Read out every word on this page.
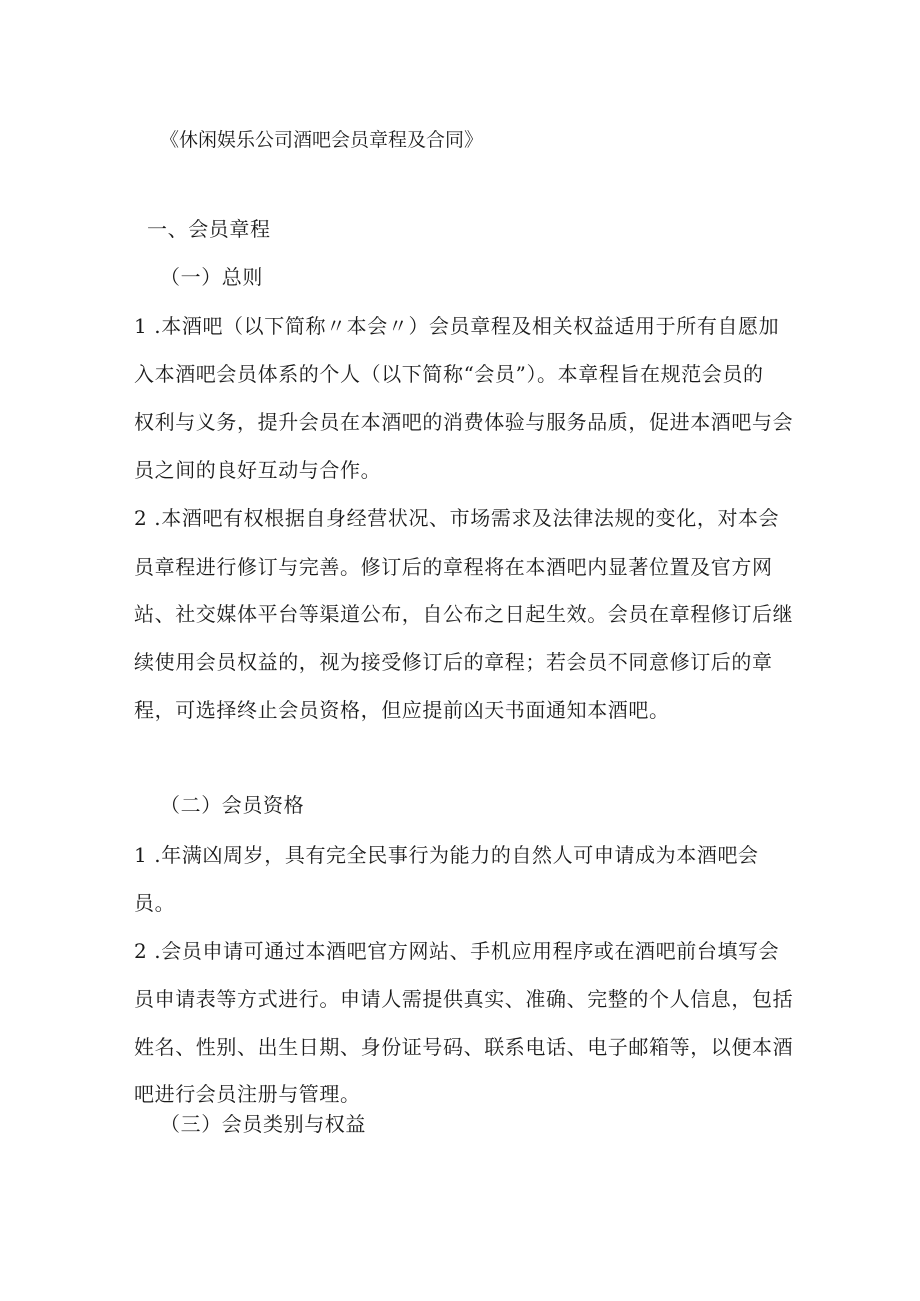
《休闲娱乐公司酒吧会员章程及合同》
一、会员章程
（一）总则
1 .本酒吧（以下简称〃本会〃）会员章程及相关权益适用于所有自愿加
入本酒吧会员体系的个人（以下简称“会员”）。本章程旨在规范会员的
权利与义务，提升会员在本酒吧的消费体验与服务品质，促进本酒吧与会
员之间的良好互动与合作。
2 .本酒吧有权根据自身经营状况、市场需求及法律法规的变化，对本会
员章程进行修订与完善。修订后的章程将在本酒吧内显著位置及官方网
站、社交媒体平台等渠道公布，自公布之日起生效。会员在章程修订后继
续使用会员权益的，视为接受修订后的章程；若会员不同意修订后的章
程，可选择终止会员资格，但应提前凶天书面通知本酒吧。
（二）会员资格
1 .年满凶周岁，具有完全民事行为能力的自然人可申请成为本酒吧会
员。
2 .会员申请可通过本酒吧官方网站、手机应用程序或在酒吧前台填写会
员申请表等方式进行。申请人需提供真实、准确、完整的个人信息，包括
姓名、性别、出生日期、身份证号码、联系电话、电子邮箱等，以便本酒
吧进行会员注册与管理。
（三）会员类别与权益
